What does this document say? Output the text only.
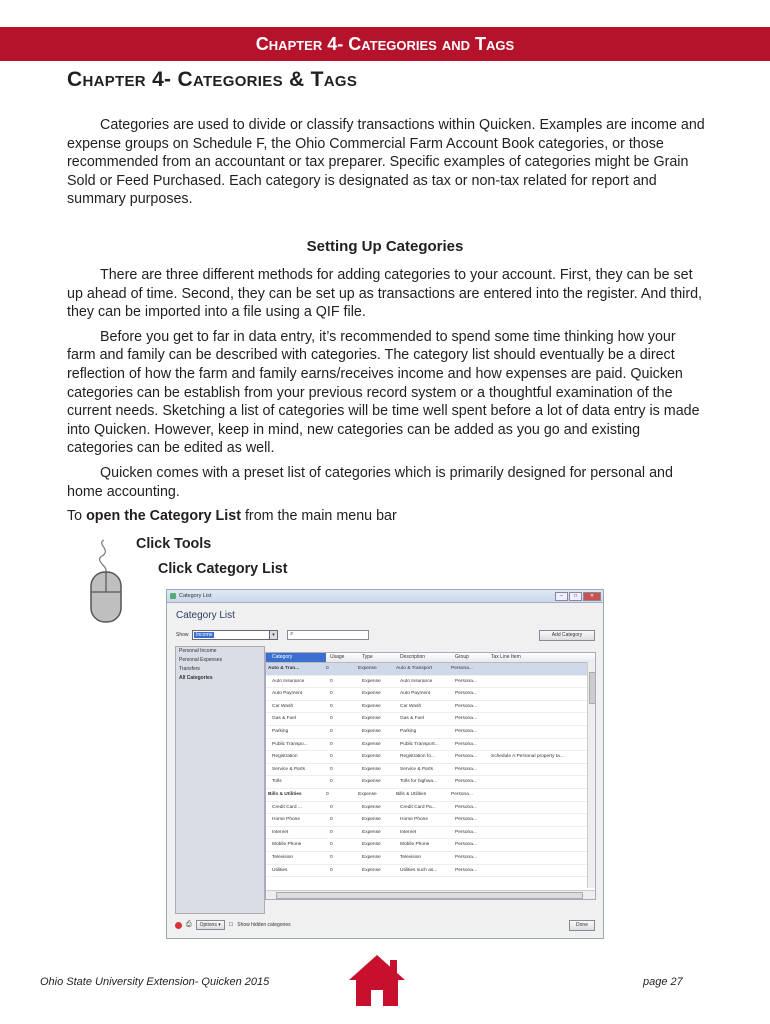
Chapter 4- Categories and Tags
Chapter 4- Categories & Tags

Categories are used to divide or classify transactions within Quicken. Examples are income and expense groups on Schedule F, the Ohio Commercial Farm Account Book categories, or those recommended from an accountant or tax preparer. Specific examples of categories might be Grain Sold or Feed Purchased. Each category is designated as tax or non-tax related for report and summary purposes.

Setting Up Categories

There are three different methods for adding categories to your account. First, they can be set up ahead of time. Second, they can be set up as transactions are entered into the register. And third, they can be imported into a file using a QIF file.

Before you get to far in data entry, it’s recommended to spend some time thinking how your farm and family can be described with categories. The category list should eventually be a direct reflection of how the farm and family earns/receives income and how expenses are paid. Quicken categories can be establish from your previous record system or a thoughtful examination of the current needs. Sketching a list of categories will be time well spent before a lot of data entry is made into Quicken. However, keep in mind, new categories can be added as you go and existing categories can be edited as well.

Quicken comes with a preset list of categories which is primarily designed for personal and home accounting.

To open the Category List from the main menu bar

Click Tools
Click Category List
Category List	–	□	✕
Category List
Show	Income	▾	⌕	Add Category
Personal Income
Personal Expenses
Transfers
All Categories
Category	Usage	Type	Description	Group	Tax Line Item
Auto & Tran...	0	Expense	Auto & Transport	Persona...
Auto Insurance	0	Expense	Auto Insurance	Persona...
Auto Payment	0	Expense	Auto Payment	Persona...
Car Wash	0	Expense	Car Wash	Persona...
Gas & Fuel	0	Expense	Gas & Fuel	Persona...
Parking	0	Expense	Parking	Persona...
Public Transpo...	0	Expense	Public Transport...	Persona...
Registration	0	Expense	Registration fo...	Persona...	Schedule A:Personal property ta...
Service & Parts	0	Expense	Service & Parts	Persona...
Tolls	0	Expense	Tolls for highwa...	Persona...
Bills & Utilities	0	Expense	Bills & Utilities	Persona...
Credit Card ...	0	Expense	Credit Card Pa...	Persona...
Home Phone	0	Expense	Home Phone	Persona...
Internet	0	Expense	Internet	Persona...
Mobile Phone	0	Expense	Mobile Phone	Persona...
Television	0	Expense	Television	Persona...
Utilities	0	Expense	Utilities such as...	Persona...
⎙	Options ▾	☐ Show hidden categories	Done
Ohio State University Extension- Quicken 2015	page 27
